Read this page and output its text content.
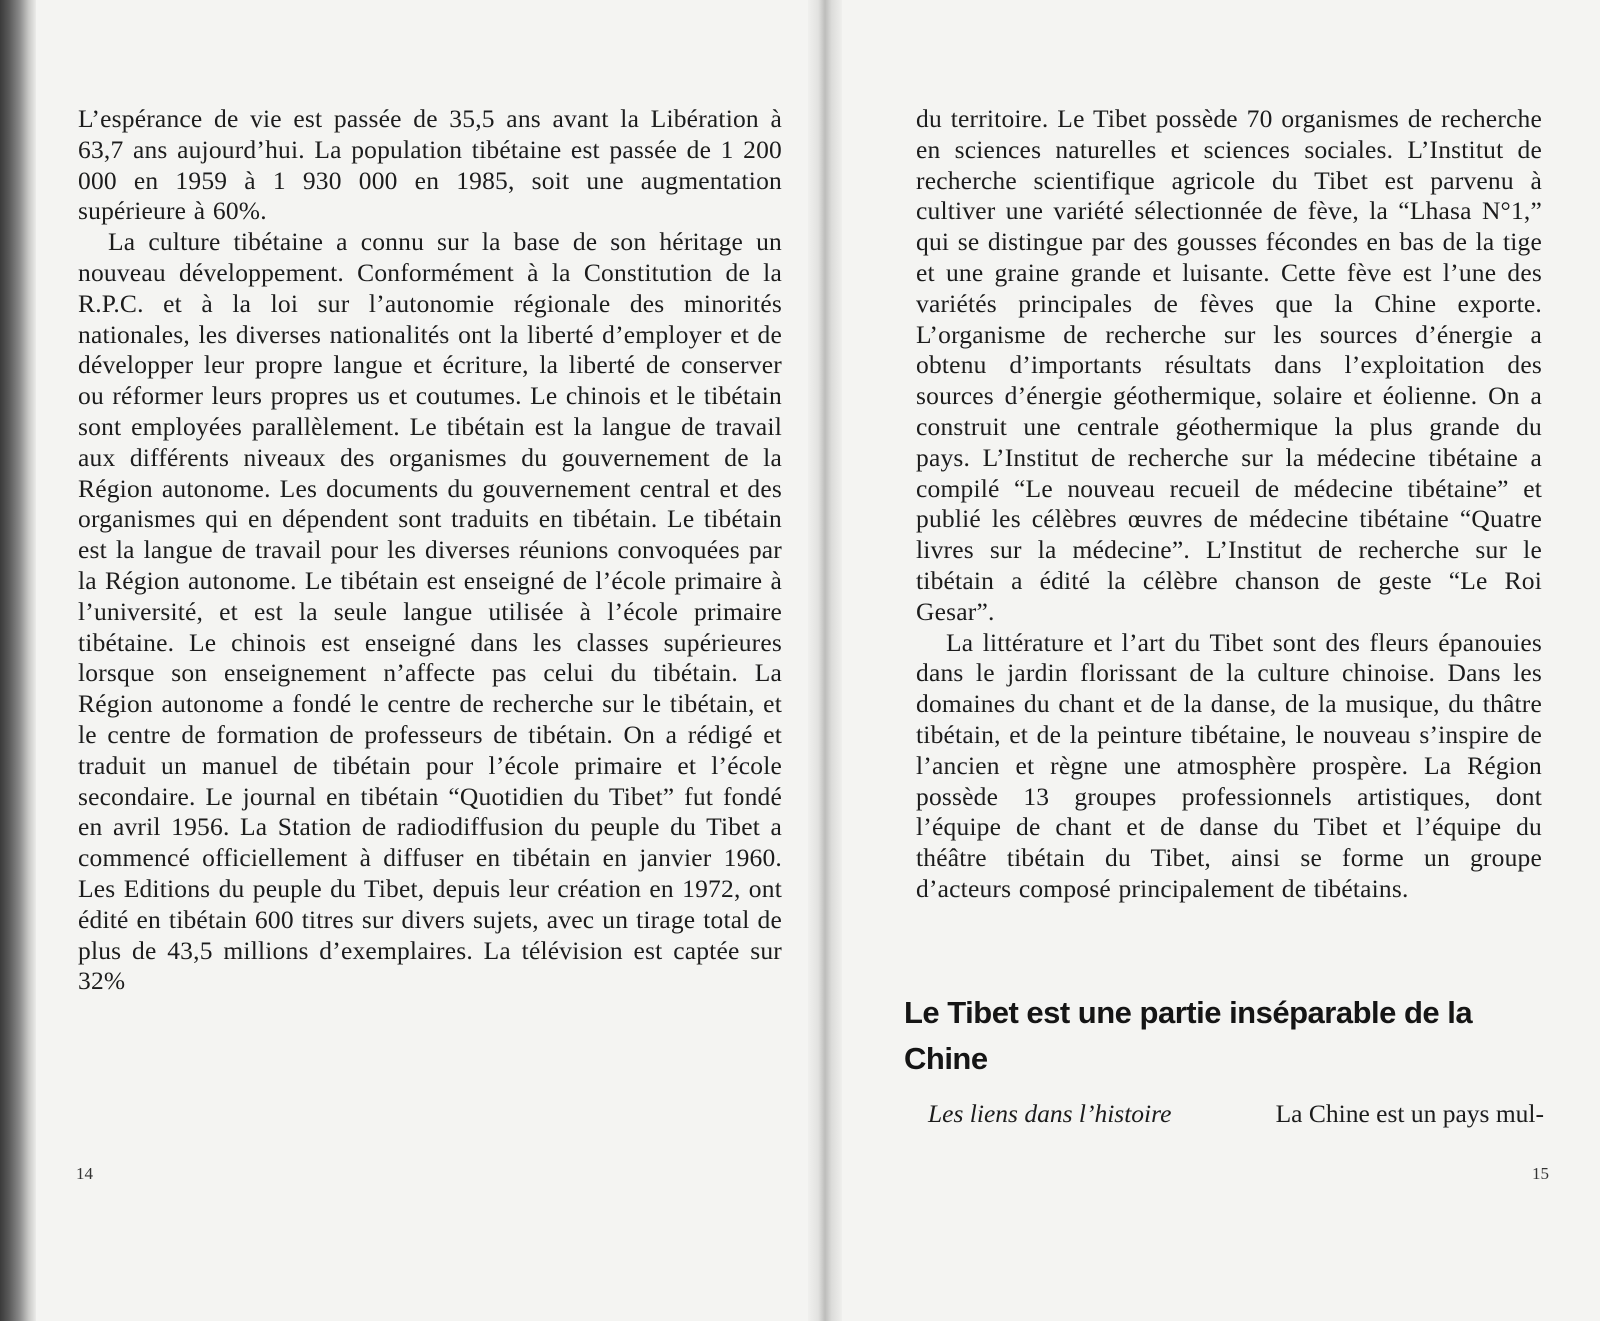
L’espérance de vie est passée de 35,5 ans avant la Libération à 63,7 ans aujourd’hui. La population tibétaine est passée de 1 200 000 en 1959 à 1 930 000 en 1985, soit une augmentation supérieure à 60%.

La culture tibétaine a connu sur la base de son héritage un nouveau développement. Conformément à la Constitution de la R.P.C. et à la loi sur l’autonomie régionale des minorités nationales, les diverses nationalités ont la liberté d’employer et de développer leur propre langue et écriture, la liberté de conserver ou réformer leurs propres us et coutumes. Le chinois et le tibétain sont employées parallèlement. Le tibétain est la langue de travail aux différents niveaux des organismes du gouvernement de la Région autonome. Les documents du gouvernement central et des organismes qui en dépendent sont traduits en tibétain. Le tibétain est la langue de travail pour les diverses réunions convoquées par la Région autonome. Le tibétain est enseigné de l’école primaire à l’université, et est la seule langue utilisée à l’école primaire tibétaine. Le chinois est enseigné dans les classes supérieures lorsque son enseignement n’affecte pas celui du tibétain. La Région autonome a fondé le centre de recherche sur le tibétain, et le centre de formation de professeurs de tibétain. On a rédigé et traduit un manuel de tibétain pour l’école primaire et l’école secondaire. Le journal en tibétain “Quotidien du Tibet” fut fondé en avril 1956. La Station de radiodiffusion du peuple du Tibet a commencé officiellement à diffuser en tibétain en janvier 1960. Les Editions du peuple du Tibet, depuis leur création en 1972, ont édité en tibétain 600 titres sur divers sujets, avec un tirage total de plus de 43,5 millions d’exemplaires. La télévision est captée sur 32%

14

du territoire. Le Tibet possède 70 organismes de recherche en sciences naturelles et sciences sociales. L’Institut de recherche scientifique agricole du Tibet est parvenu à cultiver une variété sélectionnée de fève, la “Lhasa N°1,” qui se distingue par des gousses fécondes en bas de la tige et une graine grande et luisante. Cette fève est l’une des variétés principales de fèves que la Chine exporte. L’organisme de recherche sur les sources d’énergie a obtenu d’importants résultats dans l’exploitation des sources d’énergie géothermique, solaire et éolienne. On a construit une centrale géothermique la plus grande du pays. L’Institut de recherche sur la médecine tibétaine a compilé “Le nouveau recueil de médecine tibétaine” et publié les célèbres œuvres de médecine tibétaine “Quatre livres sur la médecine”. L’Institut de recherche sur le tibétain a édité la célèbre chanson de geste “Le Roi Gesar”.

La littérature et l’art du Tibet sont des fleurs épanouies dans le jardin florissant de la culture chinoise. Dans les domaines du chant et de la danse, de la musique, du thâtre tibétain, et de la peinture tibétaine, le nouveau s’inspire de l’ancien et règne une atmosphère prospère. La Région possède 13 groupes professionnels artistiques, dont l’équipe de chant et de danse du Tibet et l’équipe du théâtre tibétain du Tibet, ainsi se forme un groupe d’acteurs composé principalement de tibétains.

Le Tibet est une partie inséparable de la Chine
Les liens dans l’histoire	La Chine est un pays mul-
15
